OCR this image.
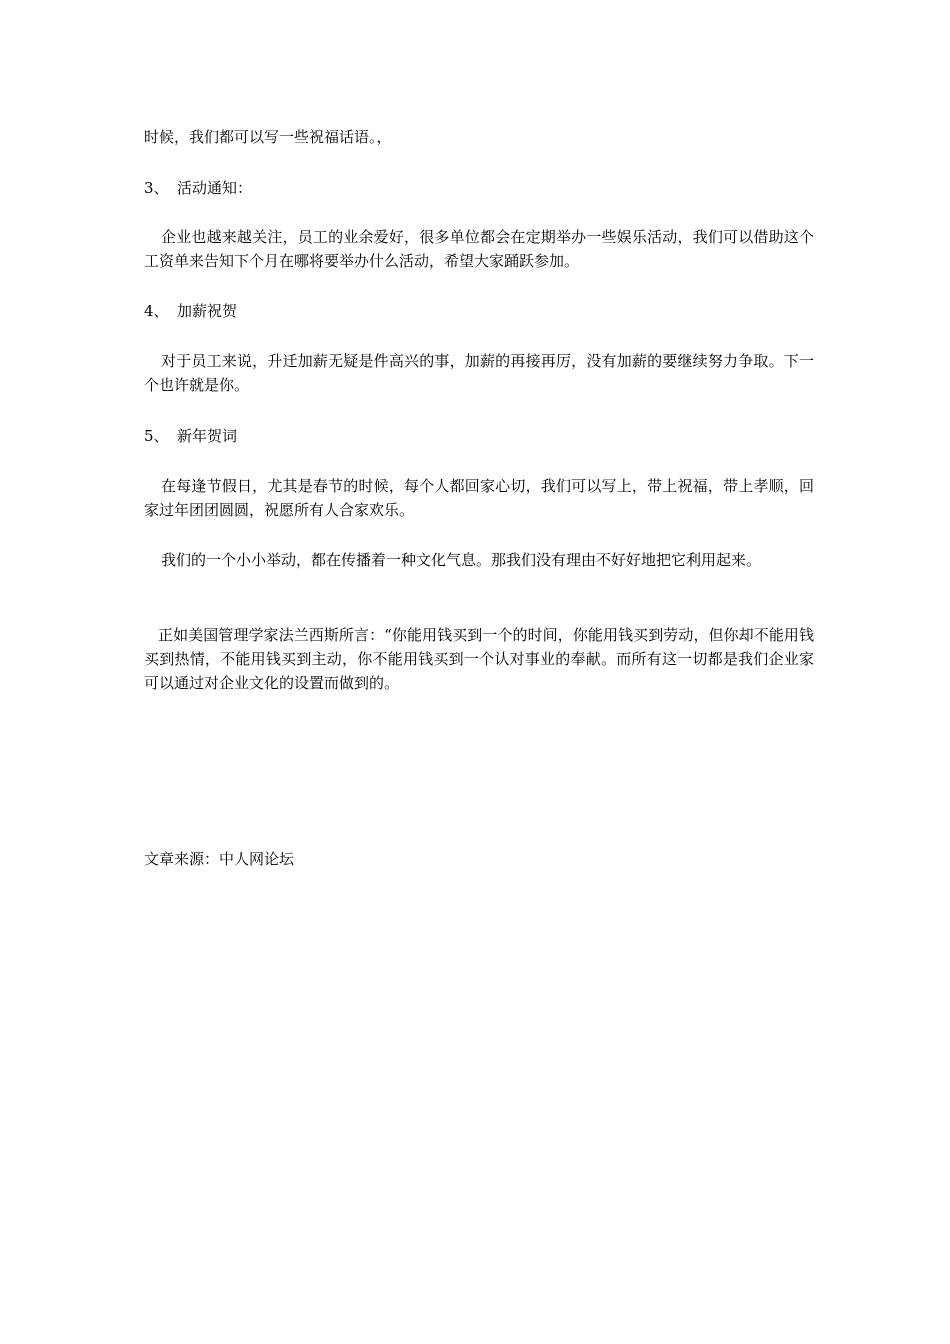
时候，我们都可以写一些祝福话语。，
3、 活动通知：
企业也越来越关注，员工的业余爱好，很多单位都会在定期举办一些娱乐活动，我们可以借助这个工资单来告知下个月在哪将要举办什么活动，希望大家踊跃参加。
4、 加薪祝贺
对于员工来说，升迁加薪无疑是件高兴的事，加薪的再接再厉，没有加薪的要继续努力争取。下一个也许就是你。
5、 新年贺词
在每逢节假日，尤其是春节的时候，每个人都回家心切，我们可以写上，带上祝福，带上孝顺，回家过年团团圆圆，祝愿所有人合家欢乐。
我们的一个小小举动，都在传播着一种文化气息。那我们没有理由不好好地把它利用起来。
正如美国管理学家法兰西斯所言：“你能用钱买到一个的时间，你能用钱买到劳动，但你却不能用钱买到热情，不能用钱买到主动，你不能用钱买到一个认对事业的奉献。而所有这一切都是我们企业家可以通过对企业文化的设置而做到的。
文章来源：中人网论坛
